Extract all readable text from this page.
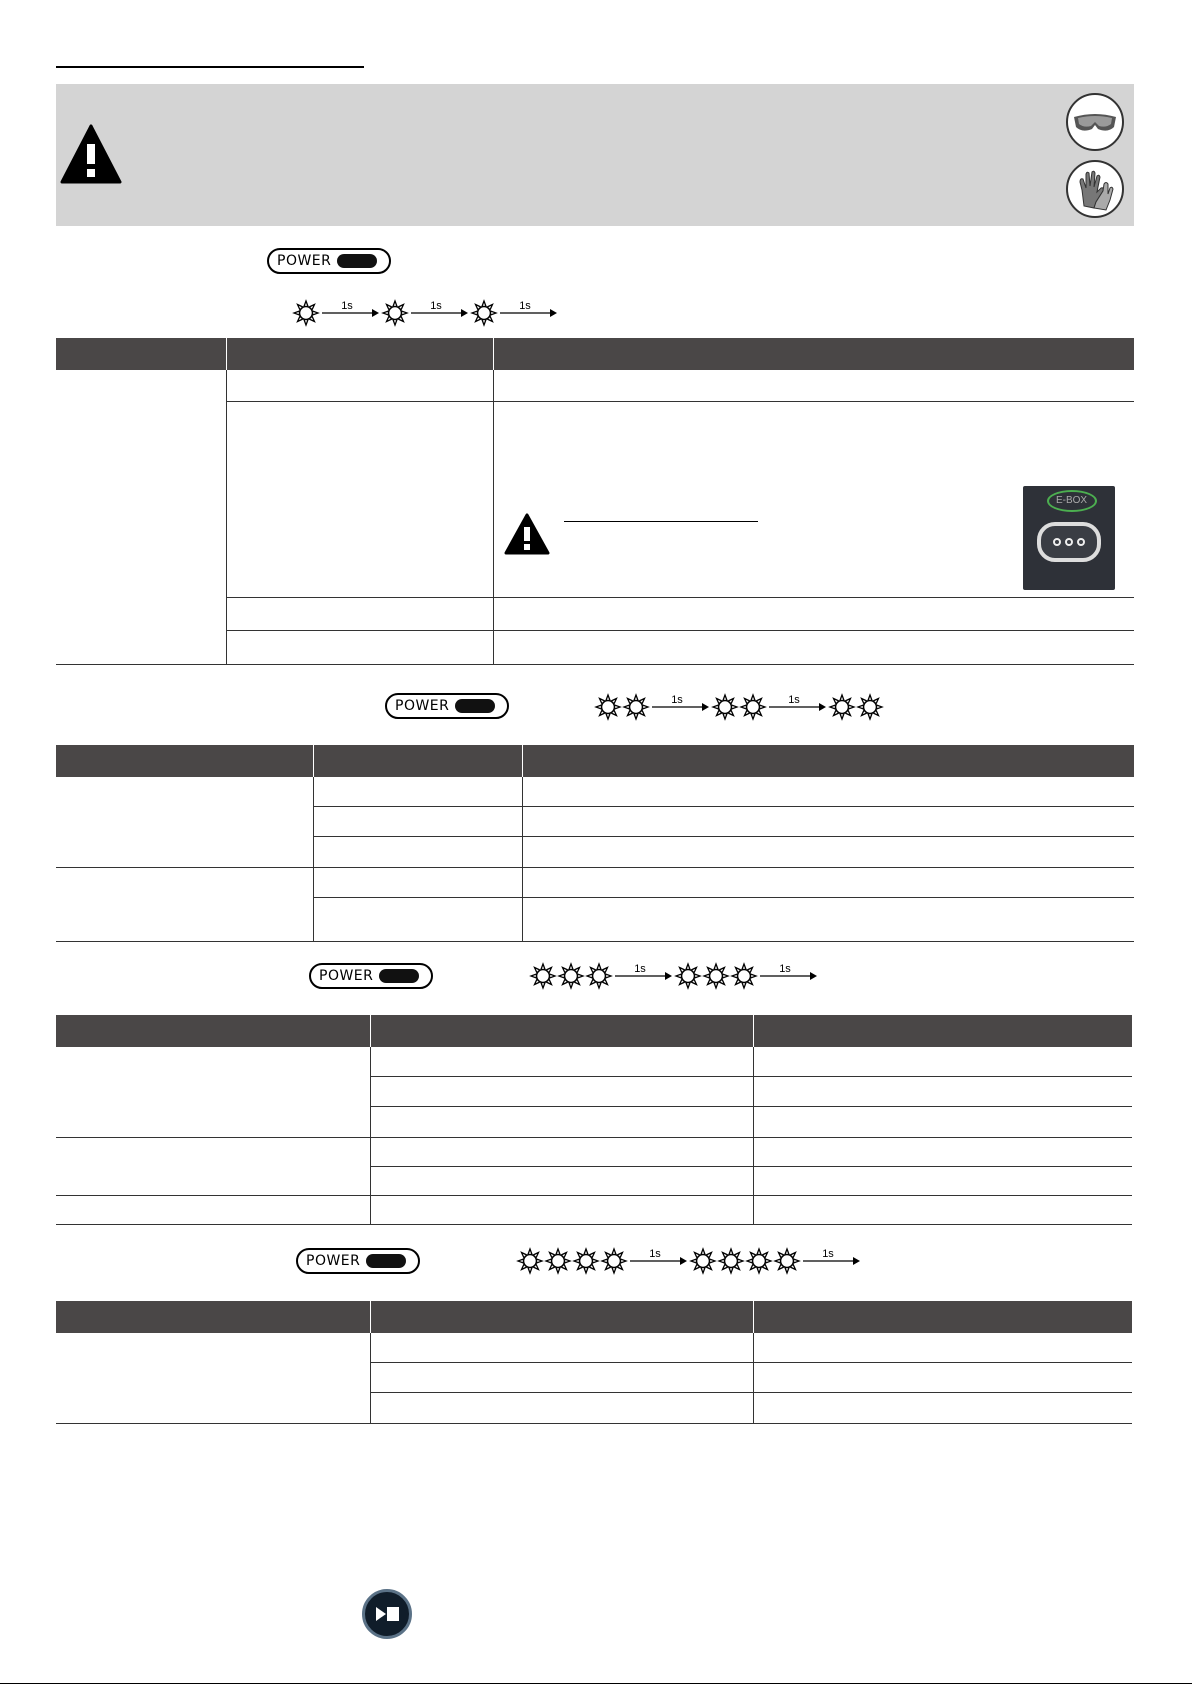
POWER
1s	1s	1s

		E-BOX

POWER	1s	1s

POWER	1s	1s

POWER	1s	1s
